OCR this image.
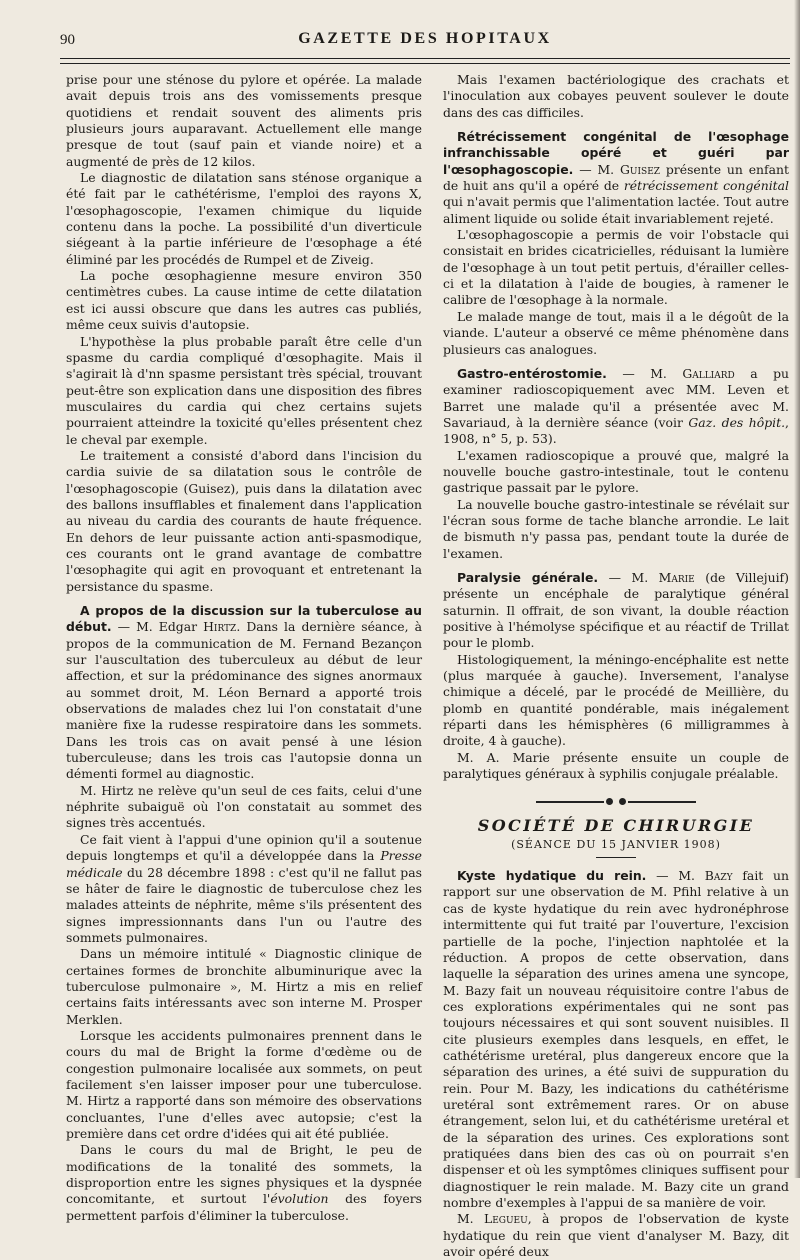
90	GAZETTE DES HOPITAUX

prise pour une sténose du pylore et opérée. La malade avait depuis trois ans des vomissements presque quotidiens et rendait souvent des aliments pris plusieurs jours auparavant. Actuellement elle mange presque de tout (sauf pain et viande noire) et a augmenté de près de 12 kilos.

Le diagnostic de dilatation sans sténose organique a été fait par le cathétérisme, l'emploi des rayons X, l'œsophagoscopie, l'examen chimique du liquide contenu dans la poche. La possibilité d'un diverticule siégeant à la partie inférieure de l'œsophage a été éliminé par les procédés de Rumpel et de Ziveig.

La poche œsophagienne mesure environ 350 centimètres cubes. La cause intime de cette dilatation est ici aussi obscure que dans les autres cas publiés, même ceux suivis d'autopsie.

L'hypothèse la plus probable paraît être celle d'un spasme du cardia compliqué d'œsophagite. Mais il s'agirait là d'nn spasme persistant très spécial, trouvant peut-être son explication dans une disposition des fibres musculaires du cardia qui chez certains sujets pourraient atteindre la toxicité qu'elles présentent chez le cheval par exemple.

Le traitement a consisté d'abord dans l'incision du cardia suivie de sa dilatation sous le contrôle de l'œsophagoscopie (Guisez), puis dans la dilatation avec des ballons insufflables et finalement dans l'application au niveau du cardia des courants de haute fréquence. En dehors de leur puissante action anti-spasmodique, ces courants ont le grand avantage de combattre l'œsophagite qui agit en provoquant et entretenant la persistance du spasme.

A propos de la discussion sur la tuberculose au début. — M. Edgar Hirtz. Dans la dernière séance, à propos de la communication de M. Fernand Bezançon sur l'auscultation des tuberculeux au début de leur affection, et sur la prédominance des signes anormaux au sommet droit, M. Léon Bernard a apporté trois observations de malades chez lui l'on constatait d'une manière fixe la rudesse respiratoire dans les sommets. Dans les trois cas on avait pensé à une lésion tuberculeuse; dans les trois cas l'autopsie donna un démenti formel au diagnostic.

M. Hirtz ne relève qu'un seul de ces faits, celui d'une néphrite subaiguë où l'on constatait au sommet des signes très accentués.

Ce fait vient à l'appui d'une opinion qu'il a soutenue depuis longtemps et qu'il a développée dans la Presse médicale du 28 décembre 1898 : c'est qu'il ne fallut pas se hâter de faire le diagnostic de tuberculose chez les malades atteints de néphrite, même s'ils présentent des signes impressionnants dans l'un ou l'autre des sommets pulmonaires.

Dans un mémoire intitulé « Diagnostic clinique de certaines formes de bronchite albuminurique avec la tuberculose pulmonaire », M. Hirtz a mis en relief certains faits intéressants avec son interne M. Prosper Merklen.

Lorsque les accidents pulmonaires prennent dans le cours du mal de Bright la forme d'œdème ou de congestion pulmonaire localisée aux sommets, on peut facilement s'en laisser imposer pour une tuberculose. M. Hirtz a rapporté dans son mémoire des observations concluantes, l'une d'elles avec autopsie; c'est la première dans cet ordre d'idées qui ait été publiée.

Dans le cours du mal de Bright, le peu de modifications de la tonalité des sommets, la disproportion entre les signes physiques et la dyspnée concomitante, et surtout l'évolution des foyers permettent parfois d'éliminer la tuberculose.

Mais l'examen bactériologique des crachats et l'inoculation aux cobayes peuvent soulever le doute dans des cas difficiles.

Rétrécissement congénital de l'œsophage infranchissable opéré et guéri par l'œsophagoscopie. — M. Guisez présente un enfant de huit ans qu'il a opéré de rétrécissement congénital qui n'avait permis que l'alimentation lactée. Tout autre aliment liquide ou solide était invariablement rejeté.

L'œsophagoscopie a permis de voir l'obstacle qui consistait en brides cicatricielles, réduisant la lumière de l'œsophage à un tout petit pertuis, d'érailler celles-ci et la dilatation à l'aide de bougies, à ramener le calibre de l'œsophage à la normale.

Le malade mange de tout, mais il a le dégoût de la viande. L'auteur a observé ce même phénomène dans plusieurs cas analogues.

Gastro-entérostomie. — M. Galliard a pu examiner radioscopiquement avec MM. Leven et Barret une malade qu'il a présentée avec M. Savariaud, à la dernière séance (voir Gaz. des hôpit., 1908, n° 5, p. 53).

L'examen radioscopique a prouvé que, malgré la nouvelle bouche gastro-intestinale, tout le contenu gastrique passait par le pylore.

La nouvelle bouche gastro-intestinale se révélait sur l'écran sous forme de tache blanche arrondie. Le lait de bismuth n'y passa pas, pendant toute la durée de l'examen.

Paralysie générale. — M. Marie (de Villejuif) présente un encéphale de paralytique général saturnin. Il offrait, de son vivant, la double réaction positive à l'hémolyse spécifique et au réactif de Trillat pour le plomb.

Histologiquement, la méningo-encéphalite est nette (plus marquée à gauche). Inversement, l'analyse chimique a décelé, par le procédé de Meillière, du plomb en quantité pondérable, mais inégalement réparti dans les hémisphères (6 milligrammes à droite, 4 à gauche).

M. A. Marie présente ensuite un couple de paralytiques généraux à syphilis conjugale préalable.

SOCIÉTÉ DE CHIRURGIE
(SÉANCE DU 15 JANVIER 1908)

Kyste hydatique du rein. — M. Bazy fait un rapport sur une observation de M. Pfihl relative à un cas de kyste hydatique du rein avec hydronéphrose intermittente qui fut traité par l'ouverture, l'excision partielle de la poche, l'injection naphtolée et la réduction. A propos de cette observation, dans laquelle la séparation des urines amena une syncope, M. Bazy fait un nouveau réquisitoire contre l'abus de ces explorations expérimentales qui ne sont pas toujours nécessaires et qui sont souvent nuisibles. Il cite plusieurs exemples dans lesquels, en effet, le cathétérisme uretéral, plus dangereux encore que la séparation des urines, a été suivi de suppuration du rein. Pour M. Bazy, les indications du cathétérisme uretéral sont extrêmement rares. Or on abuse étrangement, selon lui, et du cathétérisme uretéral et de la séparation des urines. Ces explorations sont pratiquées dans bien des cas où on pourrait s'en dispenser et où les symptômes cliniques suffisent pour diagnostiquer le rein malade. M. Bazy cite un grand nombre d'exemples à l'appui de sa manière de voir.

M. Legueu, à propos de l'observation de kyste hydatique du rein que vient d'analyser M. Bazy, dit avoir opéré deux
